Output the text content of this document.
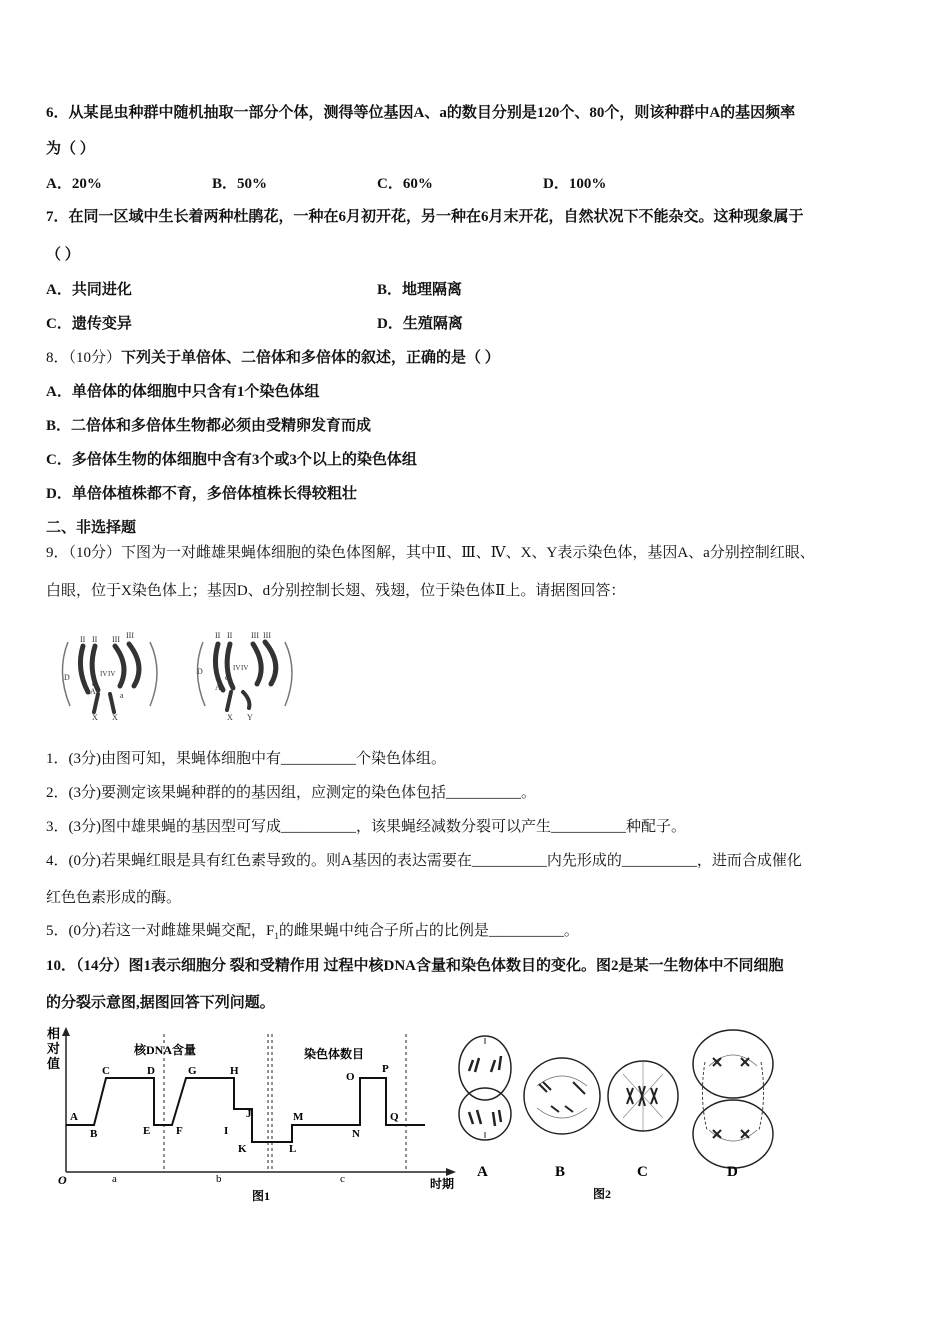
6．从某昆虫种群中随机抽取一部分个体，测得等位基因A、a的数目分别是120个、80个，则该种群中A的基因频率
为（ ）
A．20%	B．50%	C．60%	D．100%
7．在同一区域中生长着两种杜鹃花，一种在6月初开花，另一种在6月末开花，自然状况下不能杂交。这种现象属于
（ ）
A．共同进化	B．地理隔离
C．遗传变异	D．生殖隔离
8．（10分）下列关于单倍体、二倍体和多倍体的叙述，正确的是（ ）
A．单倍体的体细胞中只含有1个染色体组
B．二倍体和多倍体生物都必须由受精卵发育而成
C．多倍体生物的体细胞中含有3个或3个以上的染色体组
D．单倍体植株都不育，多倍体植株长得较粗壮
二、非选择题
9．（10分）下图为一对雌雄果蝇体细胞的染色体图解，其中Ⅱ、Ⅲ、Ⅳ、X、Y表示染色体，基因A、a分别控制红眼、
白眼，位于X染色体上；基因D、d分别控制长翅、残翅，位于染色体Ⅱ上。请据图回答：
II II III III
D
d
IV IV
A	a
X X
II II III III
D
d
IV IV
A
X Y
1．(3分)由图可知，果蝇体细胞中有__________个染色体组。
2．(3分)要测定该果蝇种群的的基因组，应测定的染色体包括__________。
3．(3分)图中雄果蝇的基因型可写成__________，该果蝇经减数分裂可以产生__________种配子。
4．(0分)若果蝇红眼是具有红色素导致的。则A基因的表达需要在__________内先形成的__________，进而合成催化
红色色素形成的酶。
5．(0分)若这一对雌雄果蝇交配，$F_1$的雌果蝇中纯合子所占的比例是__________。
10．（14分）图1表示细胞分 裂和受精作用 过程中核DNA含量和染色体数目的变化。图2是某一生物体中不同细胞
的分裂示意图,据图回答下列问题。
相
对
值
核DNA含量	染色体数目
A
B
C	D
E F
G	H
I
J
K	L
M
N
O
P
Q
O	a	b	c	时期
图1
A	B	C	D
图2
